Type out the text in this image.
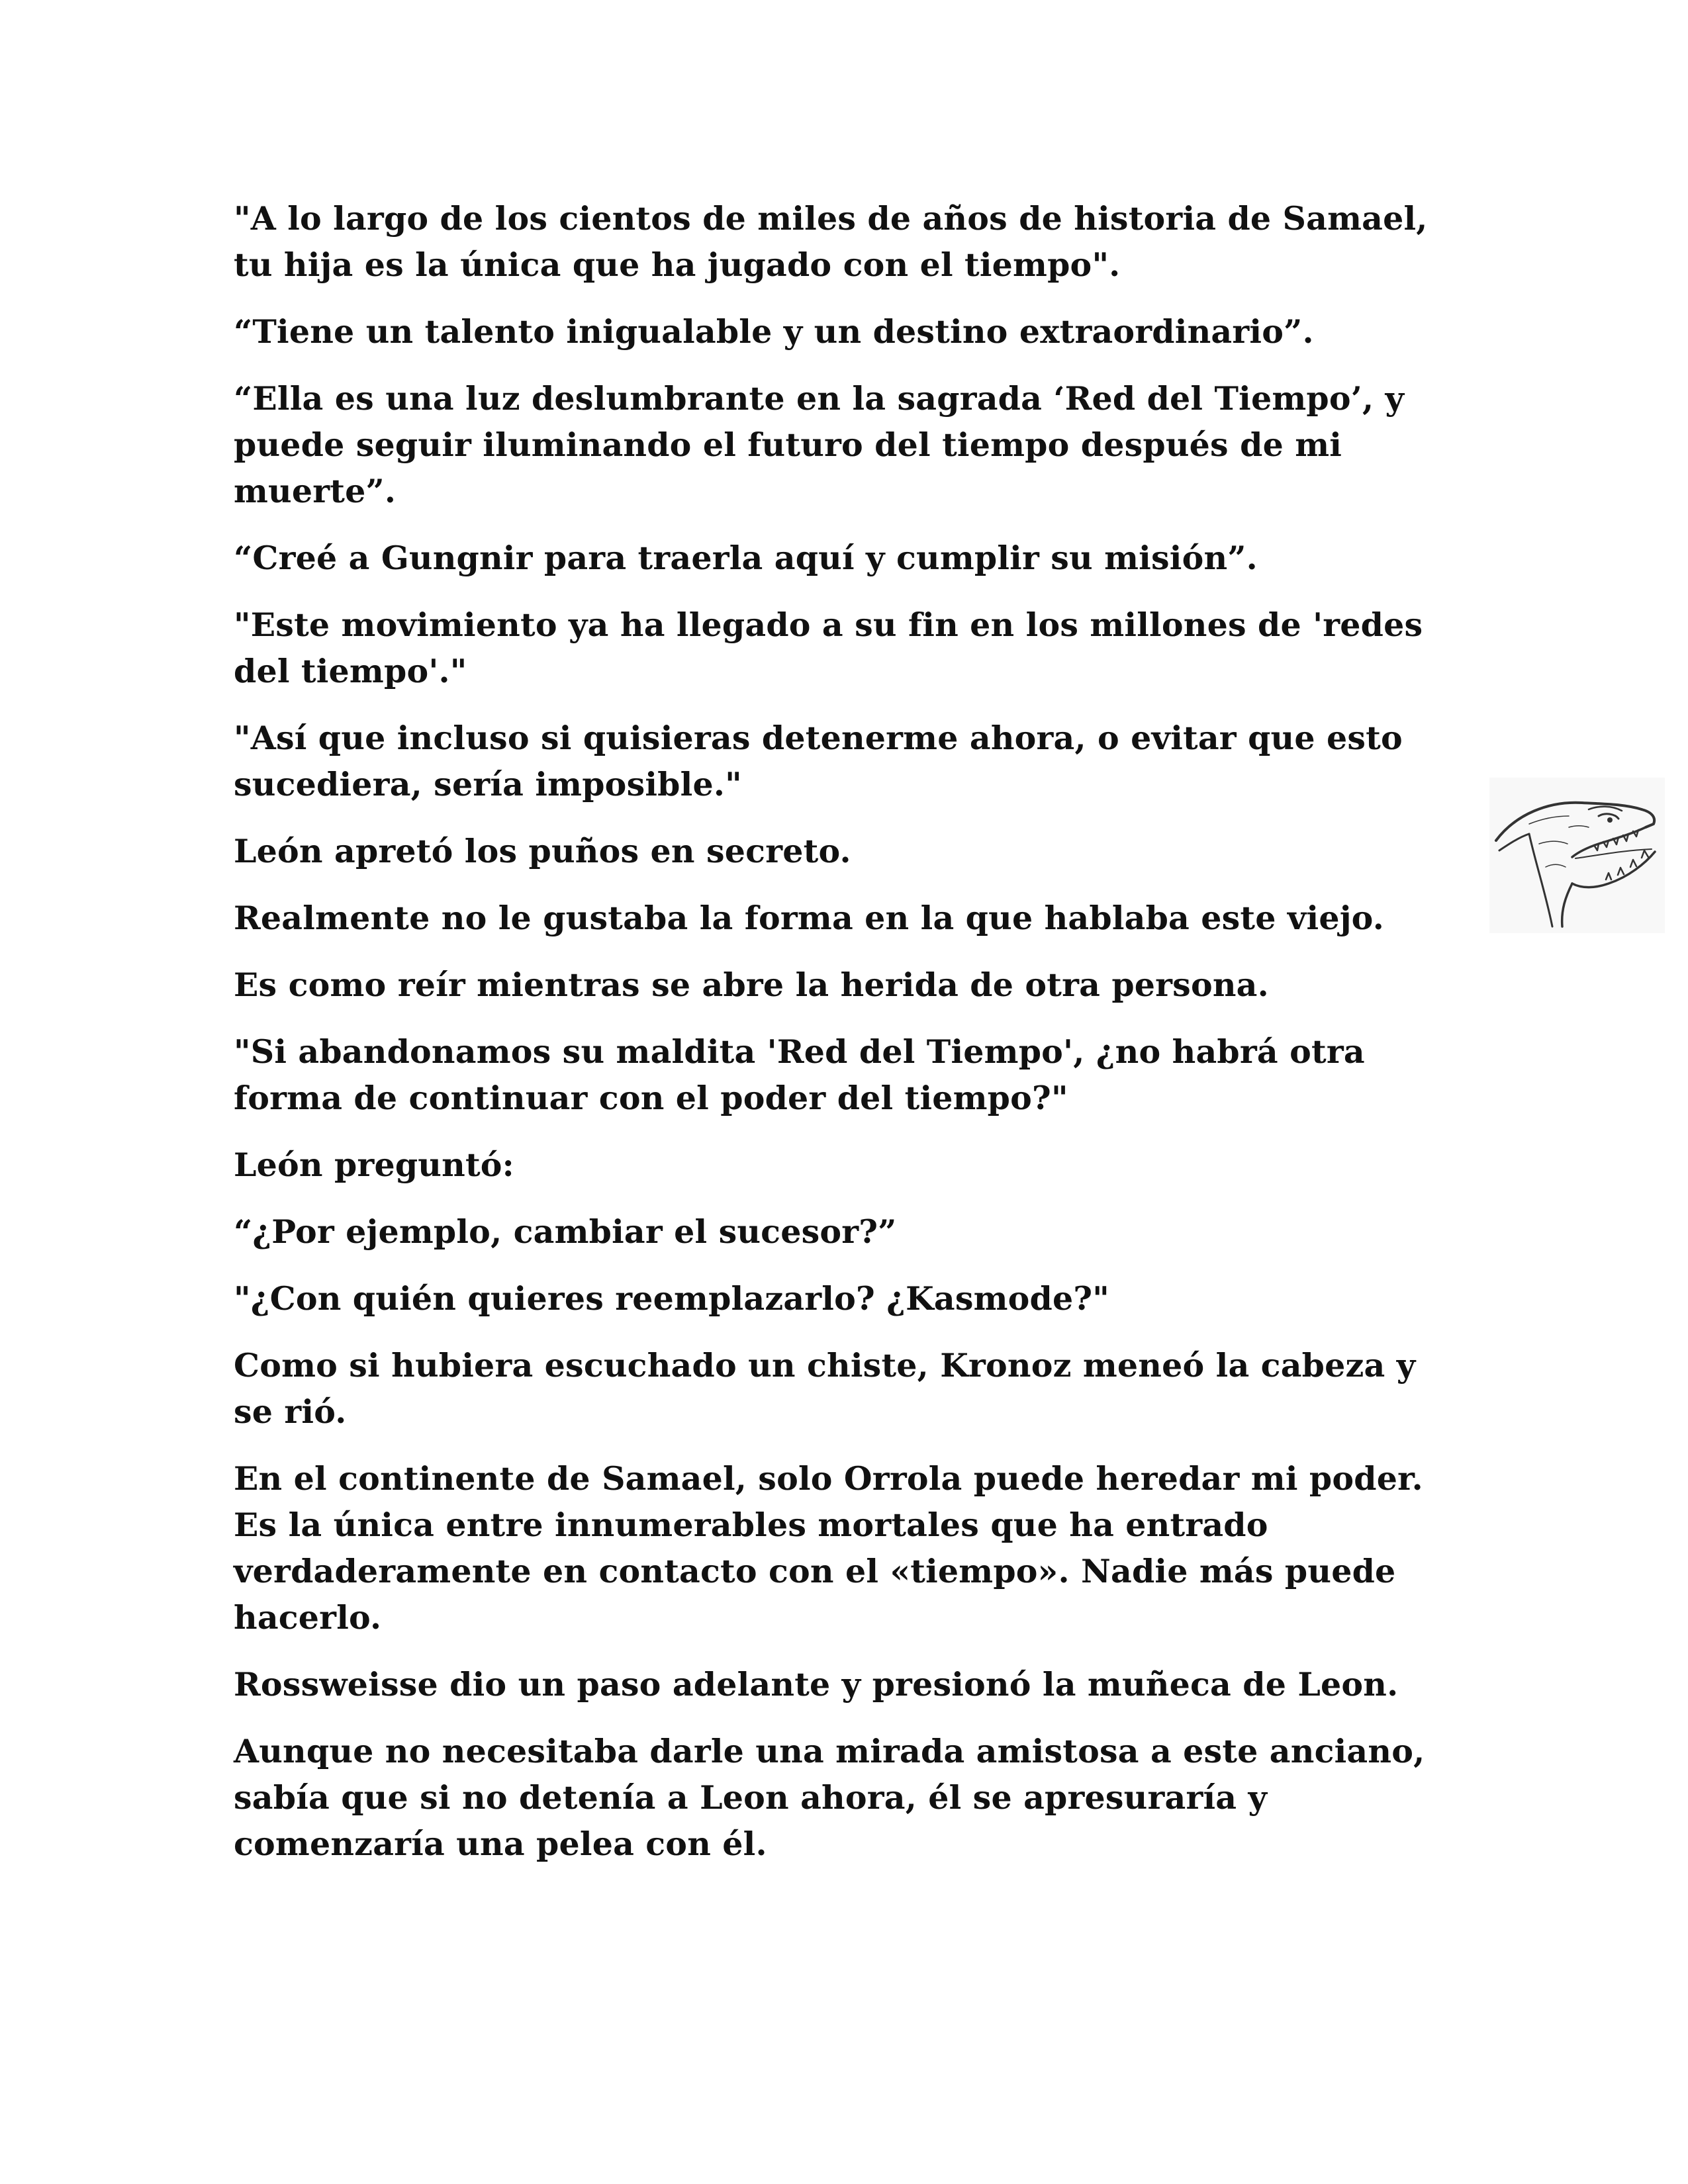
"A lo largo de los cientos de miles de años de historia de Samael, tu hija es la única que ha jugado con el tiempo".

“Tiene un talento inigualable y un destino extraordinario”.

“Ella es una luz deslumbrante en la sagrada ‘Red del Tiempo’, y puede seguir iluminando el futuro del tiempo después de mi muerte”.

“Creé a Gungnir para traerla aquí y cumplir su misión”.

"Este movimiento ya ha llegado a su fin en los millones de 'redes del tiempo'."

"Así que incluso si quisieras detenerme ahora, o evitar que esto sucediera, sería imposible."

León apretó los puños en secreto.

Realmente no le gustaba la forma en la que hablaba este viejo.

Es como reír mientras se abre la herida de otra persona.

"Si abandonamos su maldita 'Red del Tiempo', ¿no habrá otra forma de continuar con el poder del tiempo?"

León preguntó:

“¿Por ejemplo, cambiar el sucesor?”

"¿Con quién quieres reemplazarlo? ¿Kasmode?"

Como si hubiera escuchado un chiste, Kronoz meneó la cabeza y se rió.

En el continente de Samael, solo Orrola puede heredar mi poder. Es la única entre innumerables mortales que ha entrado verdaderamente en contacto con el «tiempo». Nadie más puede hacerlo.

Rossweisse dio un paso adelante y presionó la muñeca de Leon.

Aunque no necesitaba darle una mirada amistosa a este anciano, sabía que si no detenía a Leon ahora, él se apresuraría y comenzaría una pelea con él.
